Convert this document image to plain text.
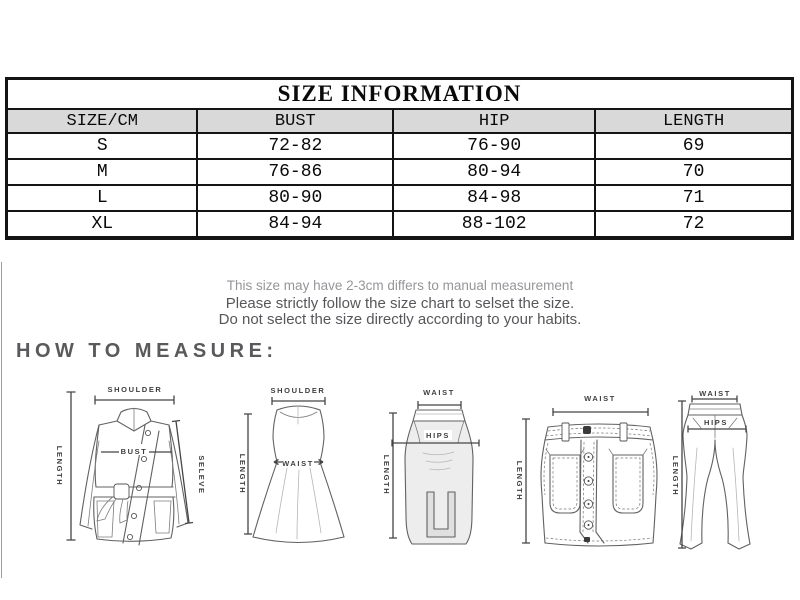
SIZE INFORMATION			
SIZE/CM	BUST	HIP	LENGTH
S	72-82	76-90	69
M	76-86	80-94	70
L	80-90	84-98	71
XL	84-94	88-102	72
This size may have 2-3cm differs to manual measurement
Please strictly follow the size chart to selset the size.
Do not select the size directly according to your habits.
HOW TO MEASURE:
SHOULDER
BUST
LENGTH	SELEVE
SHOULDER
WAIST
LENGTH
WAIST
HIPS
LENGTH
WAIST
LENGTH
WAIST
HIPS
LENGTH
